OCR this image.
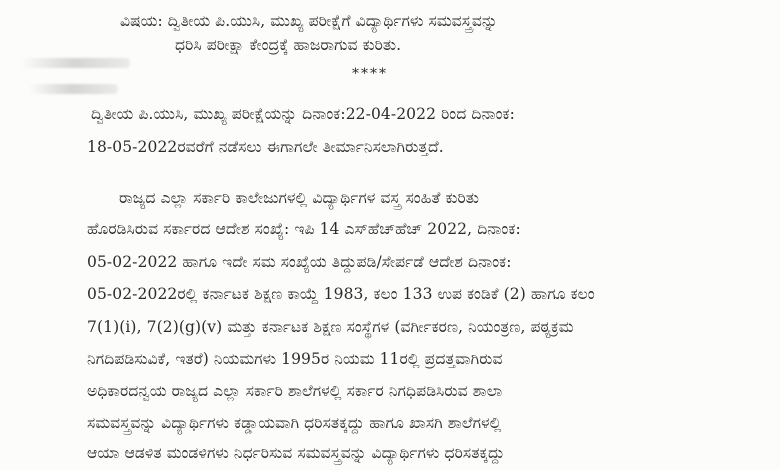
ವಿಷಯ: ದ್ವಿತೀಯ ಪಿ.ಯುಸಿ, ಮುಖ್ಯ ಪರೀಕ್ಷೆಗೆ ವಿದ್ಯಾರ್ಥಿಗಳು ಸಮವಸ್ತ್ರವನ್ನು
ಧರಿಸಿ ಪರೀಕ್ಷಾ ಕೇಂದ್ರಕ್ಕೆ ಹಾಜರಾಗುವ ಕುರಿತು.
****
ದ್ವಿತೀಯ ಪಿ.ಯುಸಿ, ಮುಖ್ಯ ಪರೀಕ್ಷೆಯನ್ನು ದಿನಾಂಕ:22-04-2022 ರಿಂದ ದಿನಾಂಕ:
18-05-2022ರವರೆಗೆ ನಡೆಸಲು ಈಗಾಗಲೇ ತೀರ್ಮಾನಿಸಲಾಗಿರುತ್ತದೆ.
ರಾಜ್ಯದ ಎಲ್ಲಾ ಸರ್ಕಾರಿ ಕಾಲೇಜುಗಳಲ್ಲಿ ವಿದ್ಯಾರ್ಥಿಗಳ ವಸ್ತ್ರ ಸಂಹಿತೆ ಕುರಿತು
ಹೊರಡಿಸಿರುವ ಸರ್ಕಾರದ ಆದೇಶ ಸಂಖ್ಯೆ: ಇಪಿ 14 ಎಸ್‌ಹೆಚ್‌ಹೆಚ್ 2022, ದಿನಾಂಕ:
05-02-2022 ಹಾಗೂ ಇದೇ ಸಮ ಸಂಖ್ಯೆಯ ತಿದ್ದುಪಡಿ/ಸೇರ್ಪಡೆ ಆದೇಶ ದಿನಾಂಕ:
05-02-2022ರಲ್ಲಿ ಕರ್ನಾಟಕ ಶಿಕ್ಷಣ ಕಾಯ್ದೆ 1983, ಕಲಂ 133 ಉಪ ಕಂಡಿಕೆ (2) ಹಾಗೂ ಕಲಂ
7(1)(i), 7(2)(g)(v) ಮತ್ತು ಕರ್ನಾಟಕ ಶಿಕ್ಷಣ ಸಂಸ್ಥೆಗಳ (ವರ್ಗೀಕರಣ, ನಿಯಂತ್ರಣ, ಪಠ್ಯಕ್ರಮ
ನಿಗದಿಪಡಿಸುವಿಕೆ, ಇತರೆ) ನಿಯಮಗಳು 1995ರ ನಿಯಮ 11ರಲ್ಲಿ ಪ್ರದತ್ತವಾಗಿರುವ
ಅಧಿಕಾರದನ್ವಯ ರಾಜ್ಯದ ಎಲ್ಲಾ ಸರ್ಕಾರಿ ಶಾಲೆಗಳಲ್ಲಿ ಸರ್ಕಾರ ನಿಗಧಿಪಡಿಸಿರುವ ಶಾಲಾ
ಸಮವಸ್ತ್ರವನ್ನು ವಿದ್ಯಾರ್ಥಿಗಳು ಕಡ್ಡಾಯವಾಗಿ ಧರಿಸತಕ್ಕದ್ದು ಹಾಗೂ ಖಾಸಗಿ ಶಾಲೆಗಳಲ್ಲಿ
ಆಯಾ ಆಡಳಿತ ಮಂಡಳಿಗಳು ನಿರ್ಧರಿಸುವ ಸಮವಸ್ತ್ರವನ್ನು ವಿದ್ಯಾರ್ಥಿಗಳು ಧರಿಸತಕ್ಕದ್ದು
